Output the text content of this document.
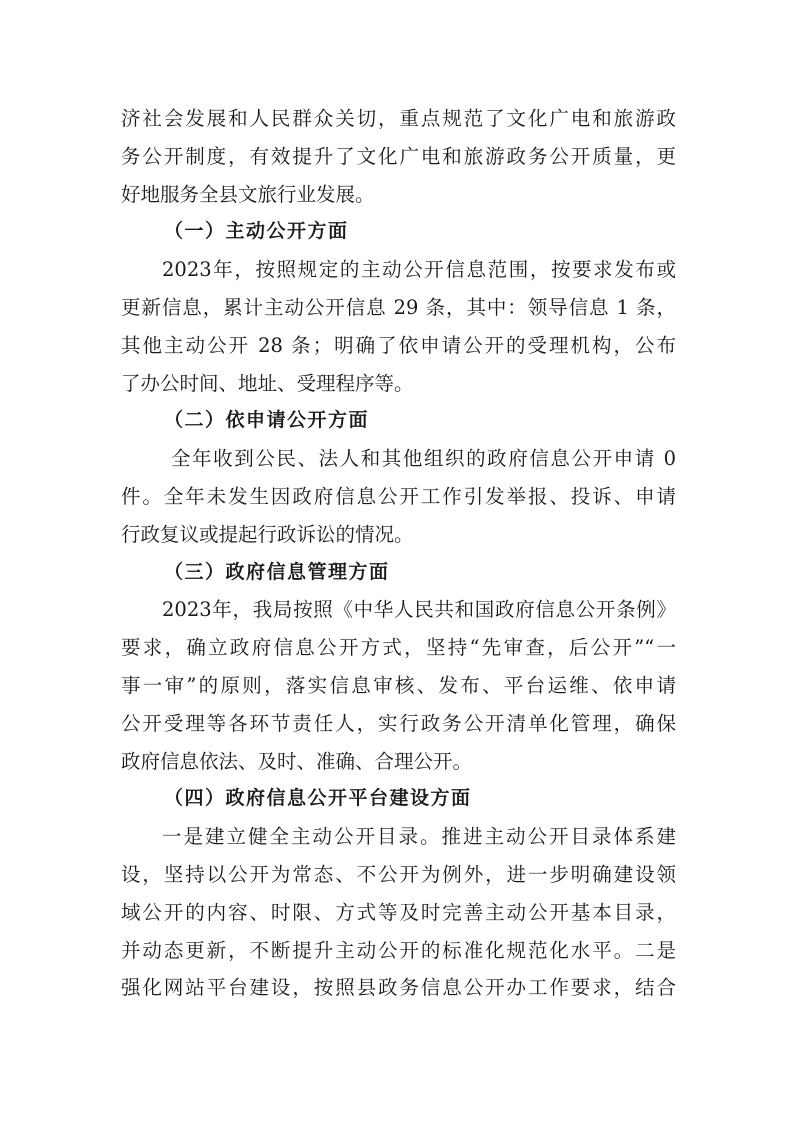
济社会发展和人民群众关切，重点规范了文化广电和旅游政
务公开制度，有效提升了文化广电和旅游政务公开质量，更
好地服务全县文旅行业发展。
（一）主动公开方面
2023年，按照规定的主动公开信息范围，按要求发布或
更新信息，累计主动公开信息 29 条，其中：领导信息 1 条，
其他主动公开 28 条；明确了依申请公开的受理机构，公布
了办公时间、地址、受理程序等。
（二）依申请公开方面
全年收到公民、法人和其他组织的政府信息公开申请 0
件。全年未发生因政府信息公开工作引发举报、投诉、申请
行政复议或提起行政诉讼的情况。
（三）政府信息管理方面
2023年，我局按照《中华人民共和国政府信息公开条例》
要求，确立政府信息公开方式，坚持“先审查，后公开”“一
事一审”的原则，落实信息审核、发布、平台运维、依申请
公开受理等各环节责任人，实行政务公开清单化管理，确保
政府信息依法、及时、准确、合理公开。
（四）政府信息公开平台建设方面
一是建立健全主动公开目录。推进主动公开目录体系建
设，坚持以公开为常态、不公开为例外，进一步明确建设领
域公开的内容、时限、方式等及时完善主动公开基本目录，
并动态更新，不断提升主动公开的标准化规范化水平。二是
强化网站平台建设，按照县政务信息公开办工作要求，结合
